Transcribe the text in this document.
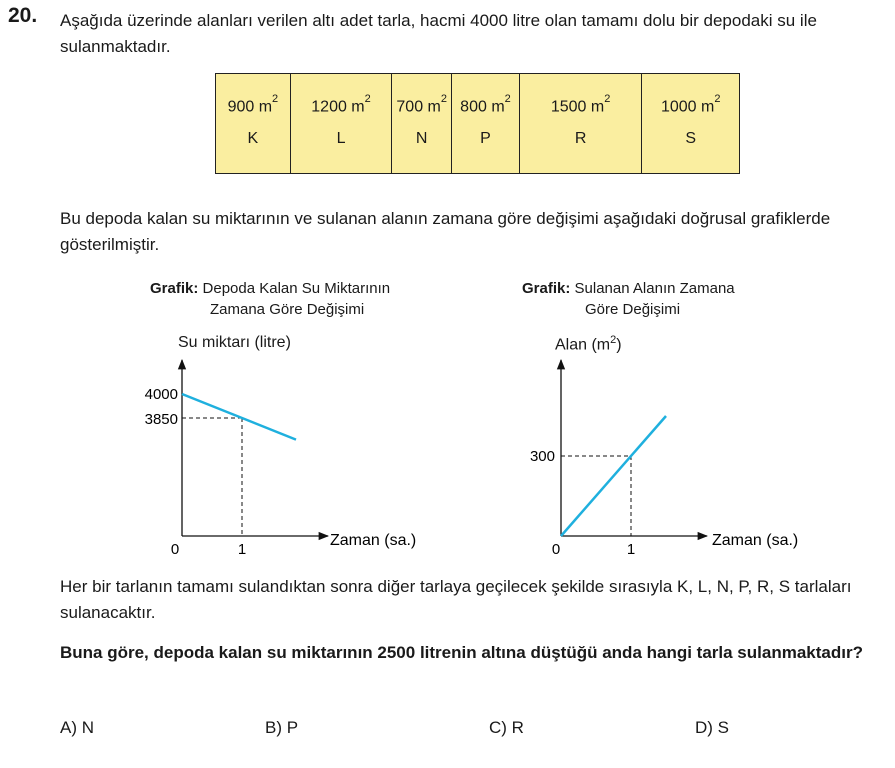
20. Aşağıda üzerinde alanları verilen altı adet tarla, hacmi 4000 litre olan tamamı dolu bir depodaki su ile sulanmaktadır.
900 $m^2$
K
1200 $m^2$
L
700 $m^2$
N
800 $m^2$
P
1500 $m^2$
R
1000 $m^2$
S
Bu depoda kalan su miktarının ve sulanan alanın zamana göre değişimi aşağıdaki doğrusal grafiklerde gösterilmiştir.
Grafik: Depoda Kalan Su Miktarının
Zamana Göre Değişimi
Su miktarı (litre)
Grafik: Sulanan Alanın Zamana
Göre Değişimi
Alan $(m^2)$
Zaman (sa.)
0	1
4000
3850
Zaman (sa.)
0	1
300
Her bir tarlanın tamamı sulandıktan sonra diğer tarlaya geçilecek şekilde sırasıyla K, L, N, P, R, S tarlaları sulanacaktır.
Buna göre, depoda kalan su miktarının 2500 litrenin altına düştüğü anda hangi tarla sulanmaktadır?
A) N	B) P	C) R	D) S
